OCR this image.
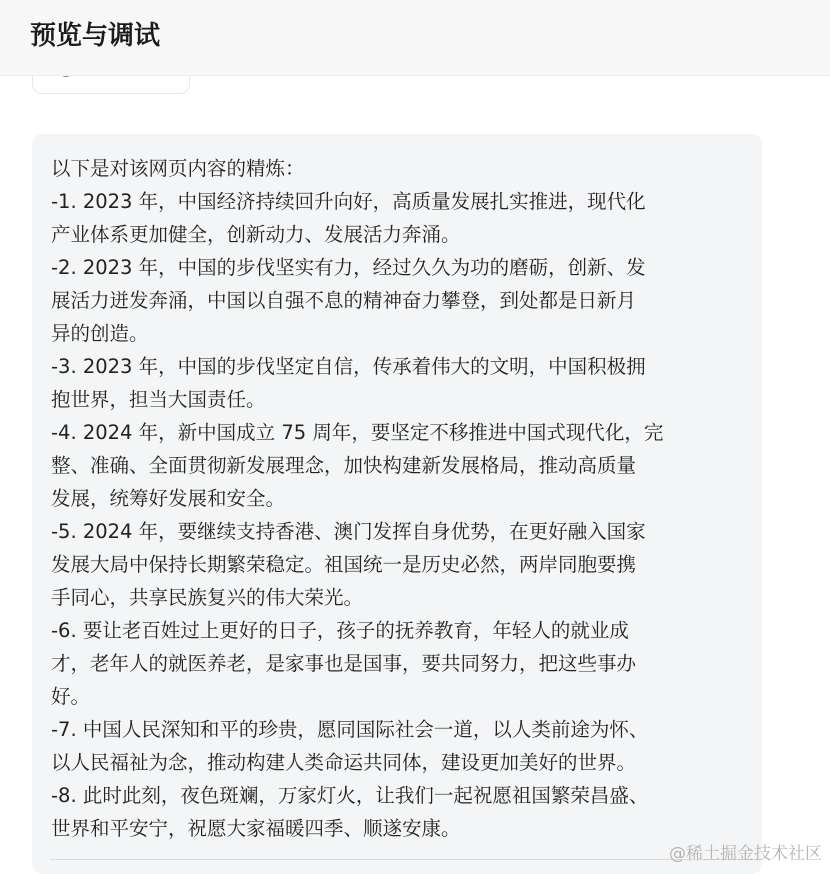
预览与调试

以下是对该网页内容的精炼：

-1. 2023 年，中国经济持续回升向好，高质量发展扎实推进，现代化
产业体系更加健全，创新动力、发展活力奔涌。

-2. 2023 年，中国的步伐坚实有力，经过久久为功的磨砺，创新、发
展活力迸发奔涌，中国以自强不息的精神奋力攀登，到处都是日新月
异的创造。

-3. 2023 年，中国的步伐坚定自信，传承着伟大的文明，中国积极拥
抱世界，担当大国责任。

-4. 2024 年，新中国成立 75 周年，要坚定不移推进中国式现代化，完
整、准确、全面贯彻新发展理念，加快构建新发展格局，推动高质量
发展，统筹好发展和安全。

-5. 2024 年，要继续支持香港、澳门发挥自身优势，在更好融入国家
发展大局中保持长期繁荣稳定。祖国统一是历史必然，两岸同胞要携
手同心，共享民族复兴的伟大荣光。

-6. 要让老百姓过上更好的日子，孩子的抚养教育，年轻人的就业成
才，老年人的就医养老，是家事也是国事，要共同努力，把这些事办
好。

-7. 中国人民深知和平的珍贵，愿同国际社会一道，以人类前途为怀、
以人民福祉为念，推动构建人类命运共同体，建设更加美好的世界。

-8. 此时此刻，夜色斑斓，万家灯火，让我们一起祝愿祖国繁荣昌盛、
世界和平安宁，祝愿大家福暖四季、顺遂安康。

@稀土掘金技术社区
